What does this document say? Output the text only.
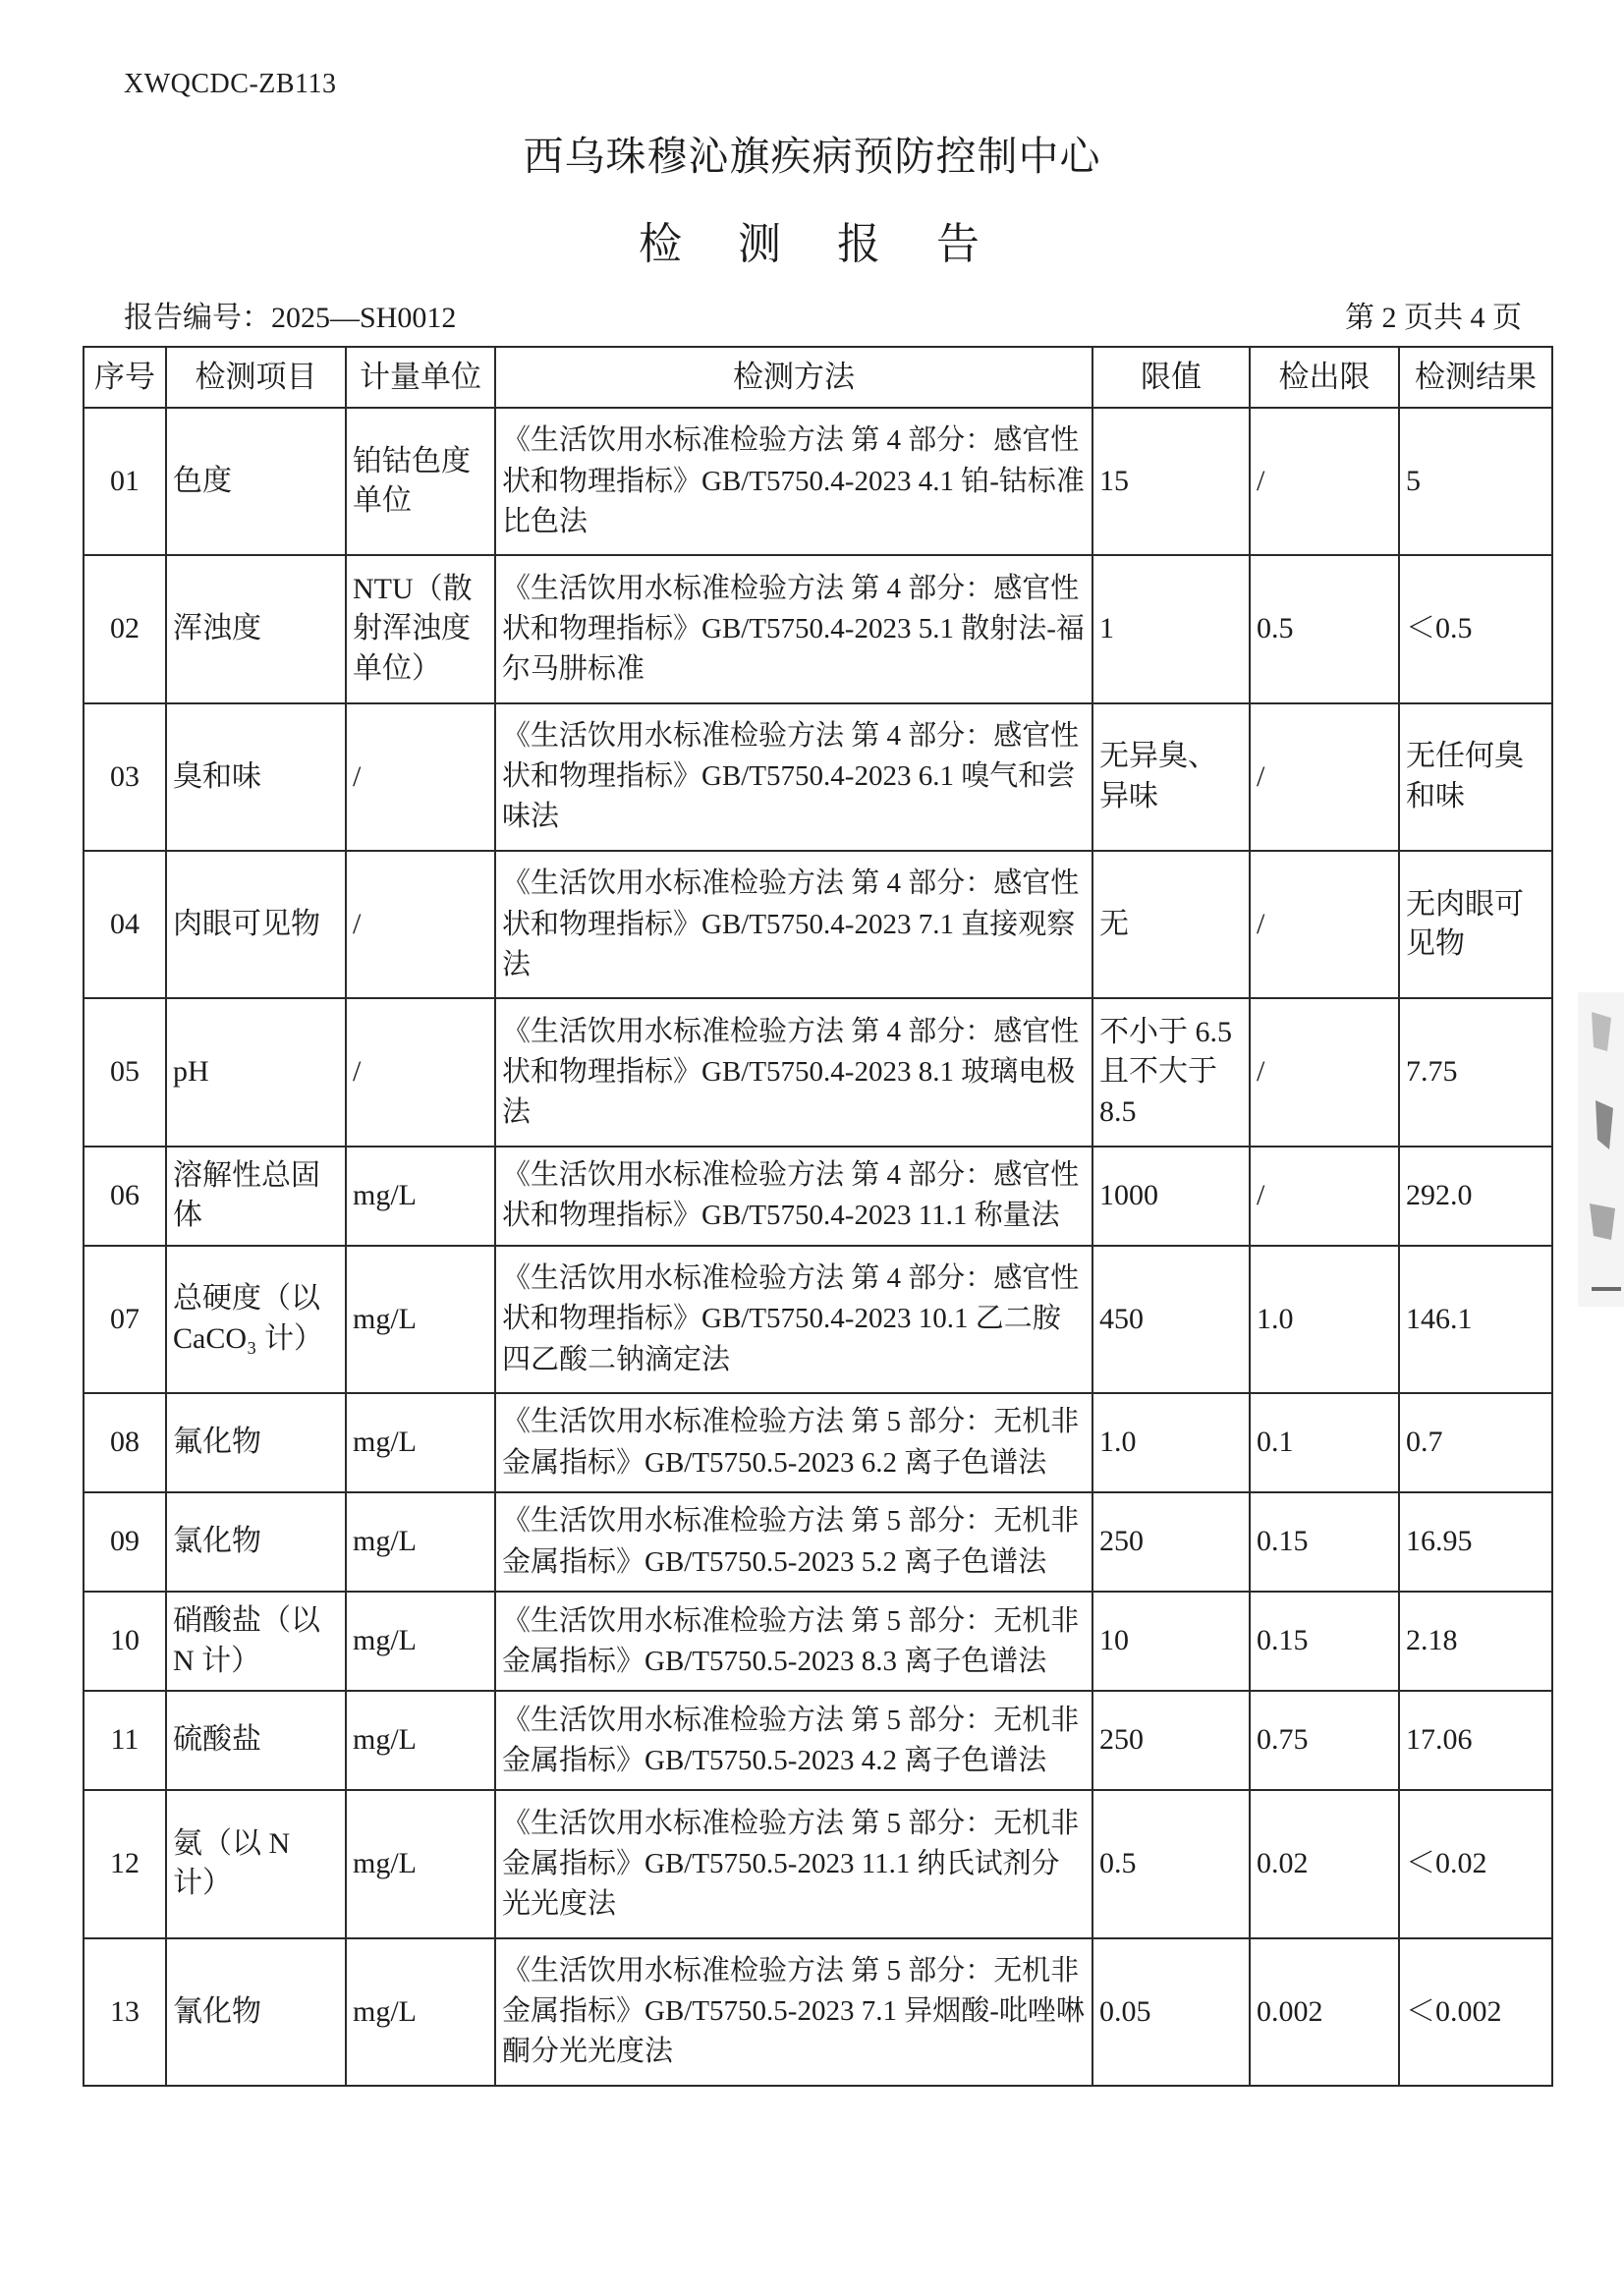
XWQCDC-ZB113
西乌珠穆沁旗疾病预防控制中心
检 测 报 告
报告编号：2025—SH0012	第 2 页共 4 页
序号	检测项目	计量单位	检测方法	限值	检出限	检测结果
01	色度	铂钴色度单位	《生活饮用水标准检验方法 第 4 部分：感官性状和物理指标》GB/T5750.4-2023 4.1 铂-钴标准比色法	15	/	5
02	浑浊度	NTU（散射浑浊度单位）	《生活饮用水标准检验方法 第 4 部分：感官性状和物理指标》GB/T5750.4-2023 5.1 散射法-福尔马肼标准	1	0.5	＜0.5
03	臭和味	/	《生活饮用水标准检验方法 第 4 部分：感官性状和物理指标》GB/T5750.4-2023 6.1 嗅气和尝味法	无异臭、异味	/	无任何臭和味
04	肉眼可见物	/	《生活饮用水标准检验方法 第 4 部分：感官性状和物理指标》GB/T5750.4-2023 7.1 直接观察法	无	/	无肉眼可见物
05	pH	/	《生活饮用水标准检验方法 第 4 部分：感官性状和物理指标》GB/T5750.4-2023 8.1 玻璃电极法	不小于 6.5 且不大于 8.5	/	7.75
06	溶解性总固体	mg/L	《生活饮用水标准检验方法 第 4 部分：感官性状和物理指标》GB/T5750.4-2023 11.1 称量法	1000	/	292.0
07	总硬度（以 CaCO₃ 计）	mg/L	《生活饮用水标准检验方法 第 4 部分：感官性状和物理指标》GB/T5750.4-2023 10.1 乙二胺四乙酸二钠滴定法	450	1.0	146.1
08	氟化物	mg/L	《生活饮用水标准检验方法 第 5 部分：无机非金属指标》GB/T5750.5-2023 6.2 离子色谱法	1.0	0.1	0.7
09	氯化物	mg/L	《生活饮用水标准检验方法 第 5 部分：无机非金属指标》GB/T5750.5-2023 5.2 离子色谱法	250	0.15	16.95
10	硝酸盐（以 N 计）	mg/L	《生活饮用水标准检验方法 第 5 部分：无机非金属指标》GB/T5750.5-2023 8.3 离子色谱法	10	0.15	2.18
11	硫酸盐	mg/L	《生活饮用水标准检验方法 第 5 部分：无机非金属指标》GB/T5750.5-2023 4.2 离子色谱法	250	0.75	17.06
12	氨（以 N 计）	mg/L	《生活饮用水标准检验方法 第 5 部分：无机非金属指标》GB/T5750.5-2023 11.1 纳氏试剂分光光度法	0.5	0.02	＜0.02
13	氰化物	mg/L	《生活饮用水标准检验方法 第 5 部分：无机非金属指标》GB/T5750.5-2023 7.1 异烟酸-吡唑啉酮分光光度法	0.05	0.002	＜0.002
